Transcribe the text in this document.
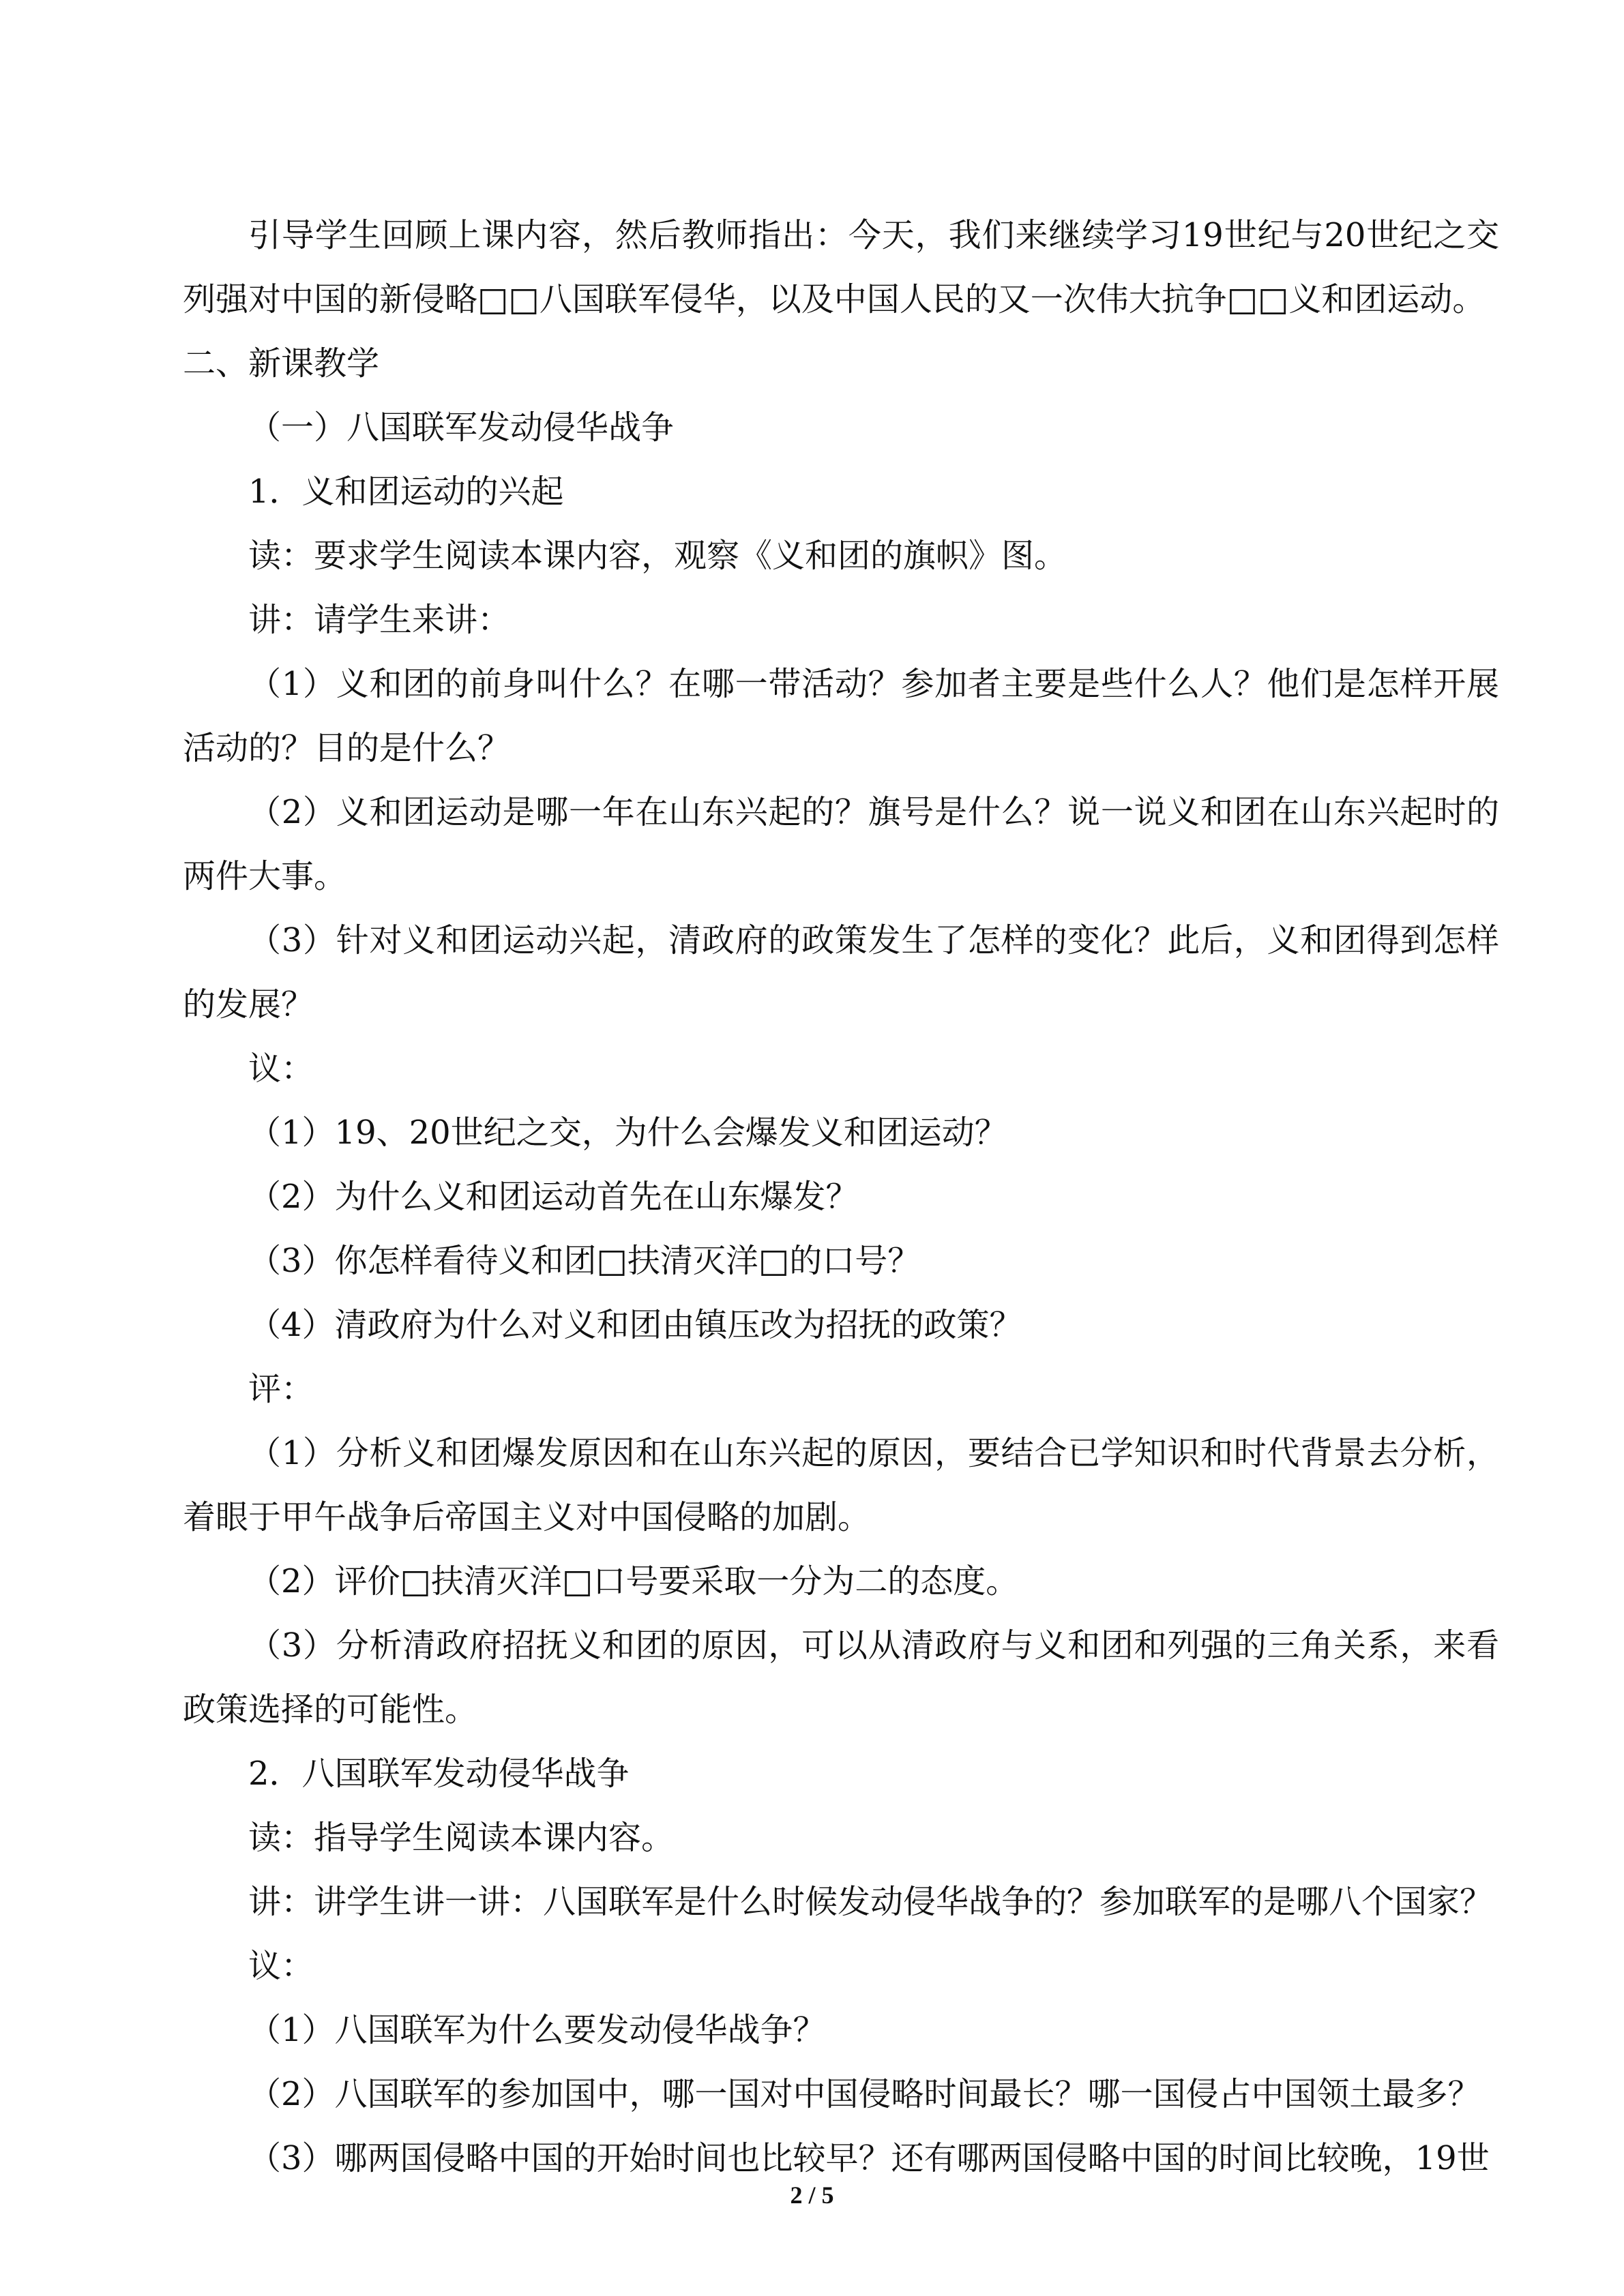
引导学生回顾上课内容，然后教师指出：今天，我们来继续学习19世纪与20世纪之交列强对中国的新侵略□□八国联军侵华，以及中国人民的又一次伟大抗争□□义和团运动。

二、新课教学

（一）八国联军发动侵华战争

1．义和团运动的兴起

读：要求学生阅读本课内容，观察《义和团的旗帜》图。

讲：请学生来讲：

（1）义和团的前身叫什么？在哪一带活动？参加者主要是些什么人？他们是怎样开展活动的？目的是什么？

（2）义和团运动是哪一年在山东兴起的？旗号是什么？说一说义和团在山东兴起时的两件大事。

（3）针对义和团运动兴起，清政府的政策发生了怎样的变化？此后，义和团得到怎样的发展？

议：

（1）19、20世纪之交，为什么会爆发义和团运动？

（2）为什么义和团运动首先在山东爆发？

（3）你怎样看待义和团□扶清灭洋□的口号？

（4）清政府为什么对义和团由镇压改为招抚的政策？

评：

（1）分析义和团爆发原因和在山东兴起的原因，要结合已学知识和时代背景去分析，着眼于甲午战争后帝国主义对中国侵略的加剧。

（2）评价□扶清灭洋□口号要采取一分为二的态度。

（3）分析清政府招抚义和团的原因，可以从清政府与义和团和列强的三角关系，来看政策选择的可能性。

2．八国联军发动侵华战争

读：指导学生阅读本课内容。

讲：讲学生讲一讲：八国联军是什么时候发动侵华战争的？参加联军的是哪八个国家？

议：

（1）八国联军为什么要发动侵华战争？

（2）八国联军的参加国中，哪一国对中国侵略时间最长？哪一国侵占中国领土最多？

（3）哪两国侵略中国的开始时间也比较早？还有哪两国侵略中国的时间比较晚，19世

2 / 5
